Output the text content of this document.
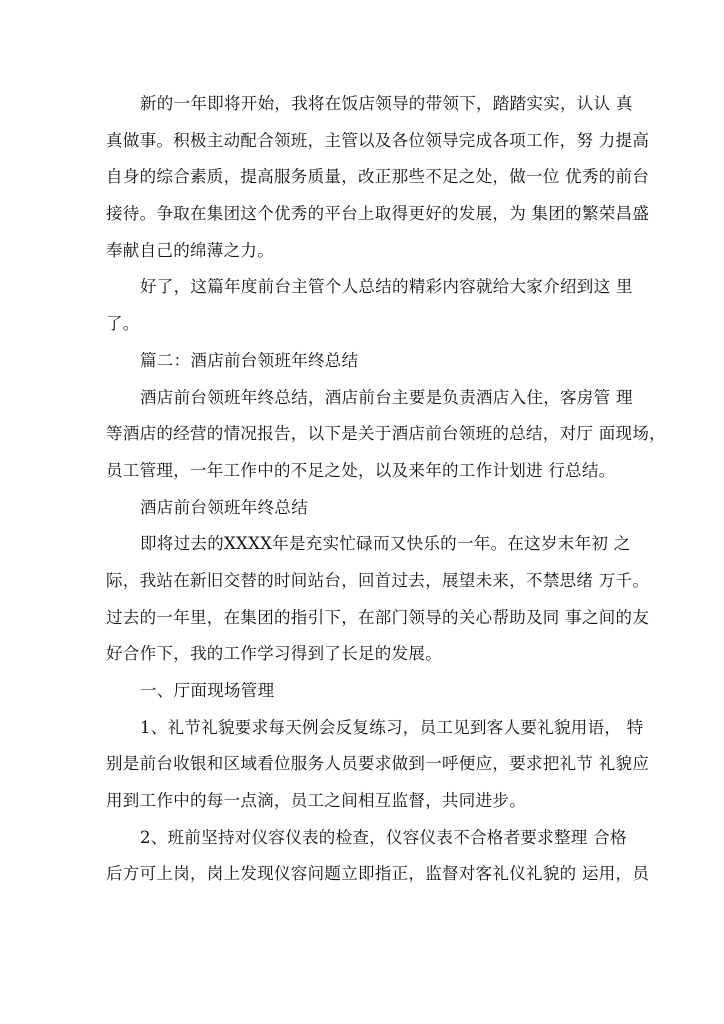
新的一年即将开始，我将在饭店领导的带领下，踏踏实实，认认 真
真做事。积极主动配合领班，主管以及各位领导完成各项工作，努 力提高
自身的综合素质，提高服务质量，改正那些不足之处，做一位 优秀的前台
接待。争取在集团这个优秀的平台上取得更好的发展，为 集团的繁荣昌盛
奉献自己的绵薄之力。
好了，这篇年度前台主管个人总结的精彩内容就给大家介绍到这 里
了。
篇二：酒店前台领班年终总结
酒店前台领班年终总结，酒店前台主要是负责酒店入住，客房管 理
等酒店的经营的情况报告，以下是关于酒店前台领班的总结，对厅 面现场，
员工管理，一年工作中的不足之处，以及来年的工作计划进 行总结。
酒店前台领班年终总结
即将过去的XXXX年是充实忙碌而又快乐的一年。在这岁末年初 之
际，我站在新旧交替的时间站台，回首过去，展望未来，不禁思绪 万千。
过去的一年里，在集团的指引下，在部门领导的关心帮助及同 事之间的友
好合作下，我的工作学习得到了长足的发展。
一、厅面现场管理
1、礼节礼貌要求每天例会反复练习，员工见到客人要礼貌用语， 特
别是前台收银和区域看位服务人员要求做到一呼便应，要求把礼节 礼貌应
用到工作中的每一点滴，员工之间相互监督，共同进步。
2、班前坚持对仪容仪表的检查，仪容仪表不合格者要求整理 合格
后方可上岗，岗上发现仪容问题立即指正，监督对客礼仪礼貌的 运用，员
